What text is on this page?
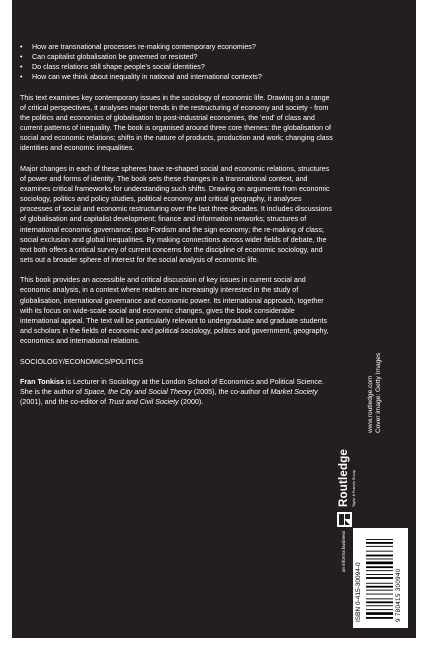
• How are transnational processes re-making contemporary economies?
• Can capitalist globalisation be governed or resisted?
• Do class relations still shape people's social identities?
• How can we think about inequality in national and international contexts?

This text examines key contemporary issues in the sociology of economic life. Drawing on a range of critical perspectives, it analyses major trends in the restructuring of economy and society - from the politics and economics of globalisation to post-industrial economies, the 'end' of class and current patterns of inequality. The book is organised around three core themes: the globalisation of social and economic relations; shifts in the nature of products, production and work; changing class identities and economic inequalities.

Major changes in each of these spheres have re-shaped social and economic relations, structures of power and forms of identity. The book sets these changes in a transnational context, and examines critical frameworks for understanding such shifts. Drawing on arguments from economic sociology, politics and policy studies, political economy and critical geography, it analyses processes of social and economic restructuring over the last three decades. It includes discussions of globalisation and capitalist development; finance and information networks; structures of international economic governance; post-Fordism and the sign economy; the re-making of class; social exclusion and global inequalities. By making connections across wider fields of debate, the text both offers a critical survey of current concerns for the discipline of economic sociology, and sets out a broader sphere of interest for the social analysis of economic life.

This book provides an accessible and critical discussion of key issues in current social and economic analysis, in a context where readers are increasingly interested in the study of globalisation, international governance and economic power. Its international approach, together with its focus on wide-scale social and economic changes, gives the book considerable international appeal. The text will be particularly relevant to undergraduate and graduate students and scholars in the fields of economic and political sociology, politics and government, geography, economics and international relations.

SOCIOLOGY/ECONOMICS/POLITICS

Fran Tonkiss is Lecturer in Sociology at the London School of Economics and Political Science. She is the author of Space, the City and Social Theory (2005), the co-author of Market Society (2001), and the co-editor of Trust and Civil Society (2000).	www.routledge.com Cover image: Getty Images
Routledge Taylor & Francis Group
an informa business
ISBN 0-415-30094-0	9 780415 300940
